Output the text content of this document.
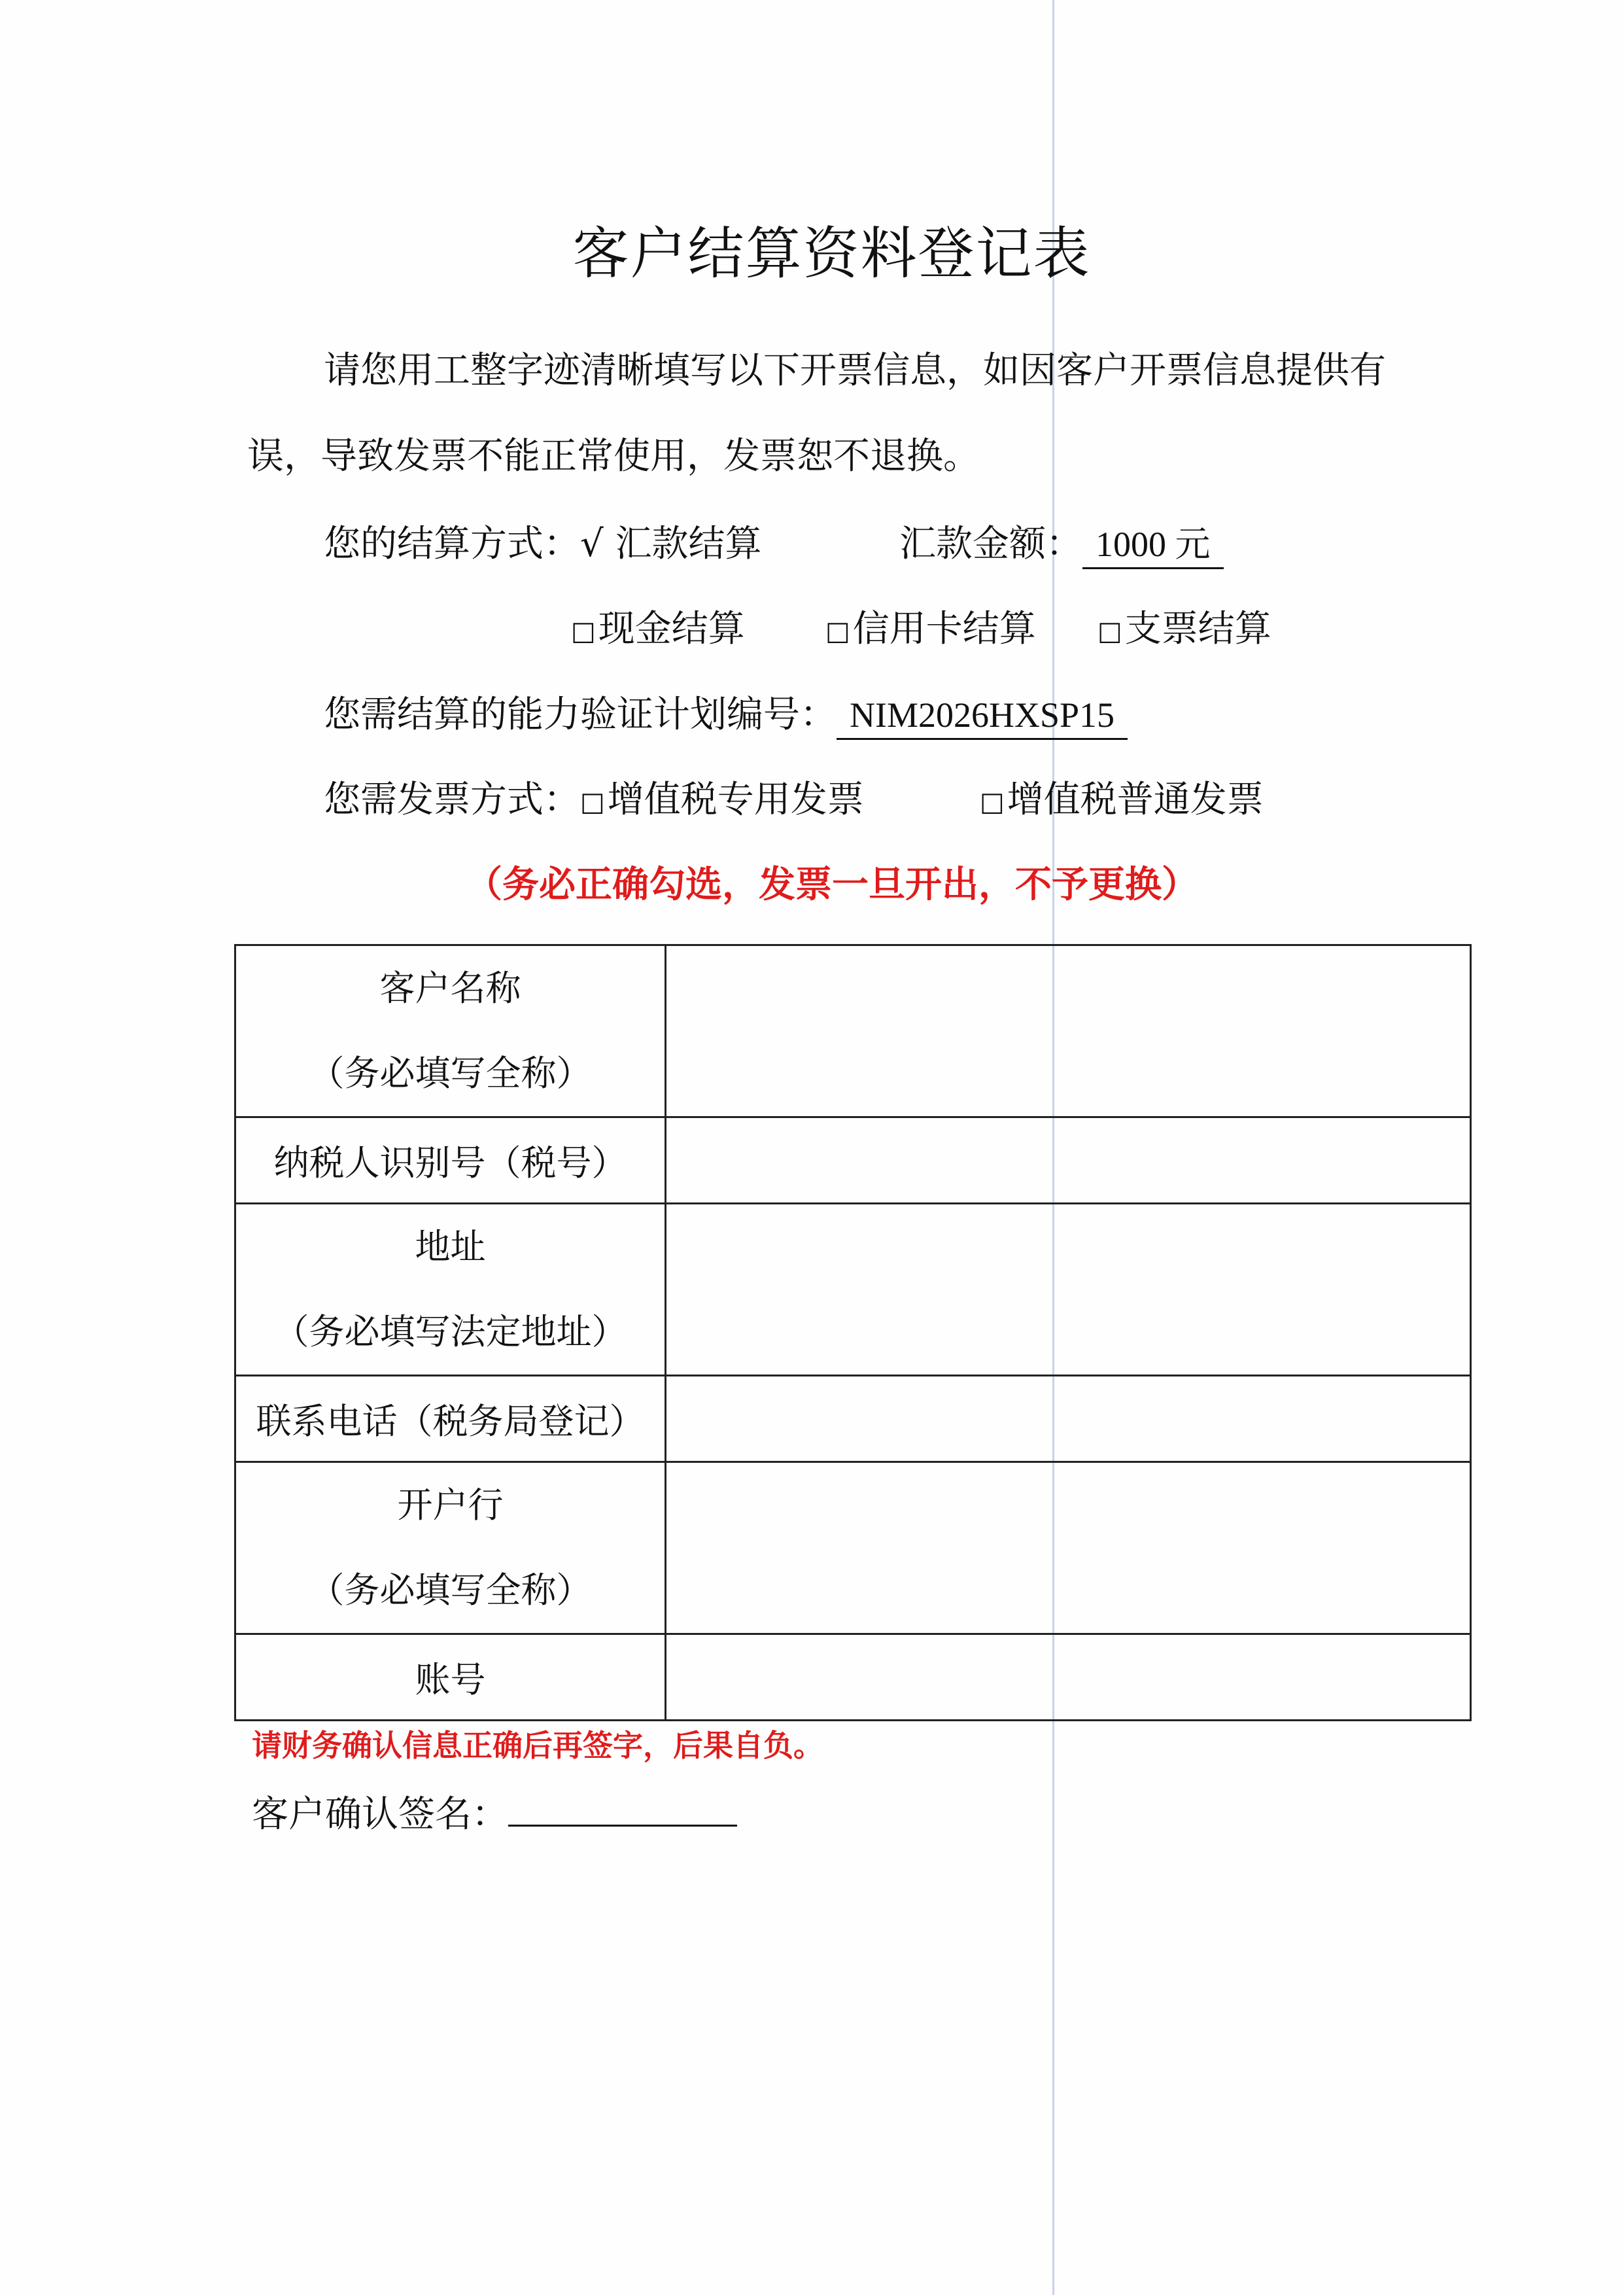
客户结算资料登记表
请您用工整字迹清晰填写以下开票信息，如因客户开票信息提供有
误，导致发票不能正常使用，发票恕不退换。
您的结算方式：√ 汇款结算	汇款金额： 1000 元
□现金结算	□信用卡结算 □支票结算
您需结算的能力验证计划编号： NIM2026HXSP15
您需发票方式：□增值税专用发票	□增值税普通发票
（务必正确勾选，发票一旦开出，不予更换）
客户名称
（务必填写全称）	

纳税人识别号（税号）	

地址
（务必填写法定地址）	

联系电话（税务局登记）	

开户行
（务必填写全称）	

账号	

请财务确认信息正确后再签字，后果自负。
客户确认签名：
